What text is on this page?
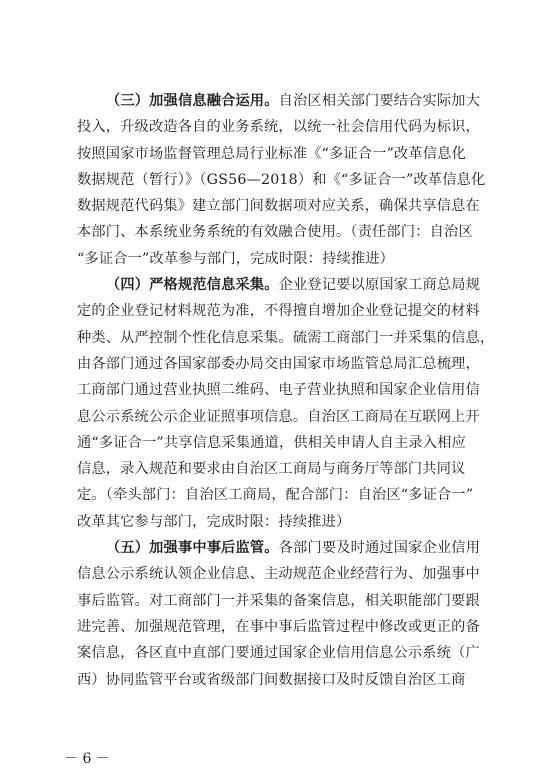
（三）加强信息融合运用。自治区相关部门要结合实际加大
投入，升级改造各自的业务系统，以统一社会信用代码为标识，
按照国家市场监督管理总局行业标准《“多证合一”改革信息化
数据规范（暂行）》（GS56—2018）和《“多证合一”改革信息化
数据规范代码集》建立部门间数据项对应关系，确保共享信息在
本部门、本系统业务系统的有效融合使用。（责任部门：自治区
“多证合一”改革参与部门，完成时限：持续推进）
（四）严格规范信息采集。企业登记要以原国家工商总局规
定的企业登记材料规范为准，不得擅自增加企业登记提交的材料
种类、从严控制个性化信息采集。硫需工商部门一并采集的信息，
由各部门通过各国家部委办局交由国家市场监管总局汇总梳理，
工商部门通过营业执照二维码、电子营业执照和国家企业信用信
息公示系统公示企业证照事项信息。自治区工商局在互联网上开
通“多证合一”共享信息采集通道，供相关申请人自主录入相应
信息，录入规范和要求由自治区工商局与商务厅等部门共同议
定。（牵头部门：自治区工商局，配合部门：自治区“多证合一”
改革其它参与部门，完成时限：持续推进）
（五）加强事中事后监管。各部门要及时通过国家企业信用
信息公示系统认领企业信息、主动规范企业经营行为、加强事中
事后监管。对工商部门一并采集的备案信息，相关职能部门要跟
进完善、加强规范管理，在事中事后监管过程中修改或更正的备
案信息，各区直中直部门要通过国家企业信用信息公示系统（广
西）协同监管平台或省级部门间数据接口及时反馈自治区工商
－ 6 －
